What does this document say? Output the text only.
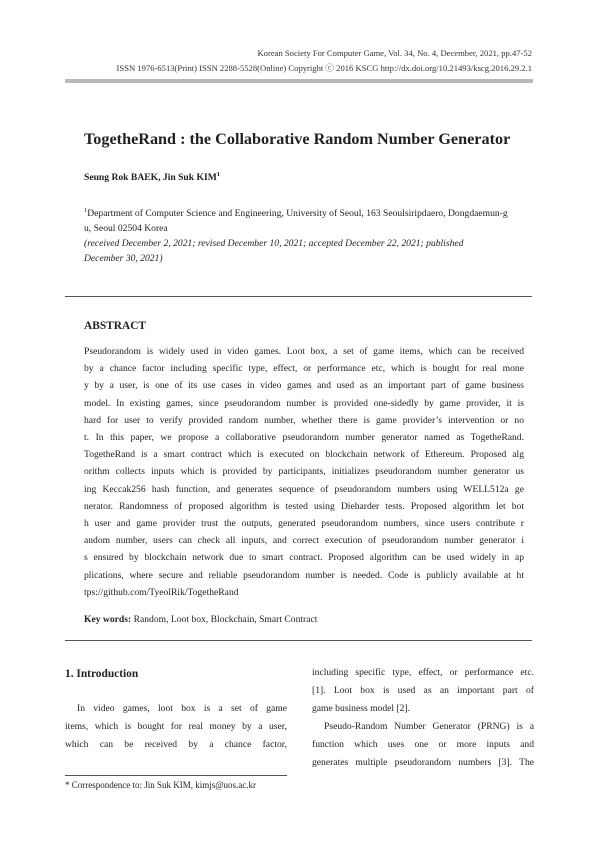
Korean Society For Computer Game, Vol. 34, No. 4, December, 2021, pp.47-52
ISSN 1976-6513(Print) ISSN 2288-5528(Online) Copyright ⓒ 2016 KSCG http://dx.doi.org/10.21493/kscg.2016.29.2.1
TogetheRand : the Collaborative Random Number Generator
Seung Rok BAEK, Jin Suk KIM$^1$
$^1$Department of Computer Science and Engineering, University of Seoul, 163 Seoulsiripdaero, Dongdaemun-g
u, Seoul 02504 Korea
(received December 2, 2021; revised December 10, 2021; accepted December 22, 2021; published
December 30, 2021)
ABSTRACT
Pseudorandom is widely used in video games. Loot box, a set of game items, which can be received
by a chance factor including specific type, effect, or performance etc, which is bought for real mone
y by a user, is one of its use cases in video games and used as an important part of game business
model. In existing games, since pseudorandom number is provided one-sidedly by game provider, it is
hard for user to verify provided random number, whether there is game provider’s intervention or no
t. In this paper, we propose a collaborative pseudorandom number generator named as TogetheRand.
TogetheRand is a smart contract which is executed on blockchain network of Ethereum. Proposed alg
orithm collects inputs which is provided by participants, initializes pseudorandom number generator us
ing Keccak256 hash function, and generates sequence of pseudorandom numbers using WELL512a ge
nerator. Randomness of proposed algorithm is tested using Dieharder tests. Proposed algorithm let bot
h user and game provider trust the outputs, generated pseudorandom numbers, since users contribute r
andom number, users can check all inputs, and correct execution of pseudorandom number generator i
s ensured by blockchain network due to smart contract. Proposed algorithm can be used widely in ap
plications, where secure and reliable pseudorandom number is needed. Code is publicly available at ht
tps://github.com/TyeolRik/TogetheRand
Key words: Random, Loot box, Blockchain, Smart Contract
1. Introduction
In video games, loot box is a set of game
items, which is bought for real money by a user,
which can be received by a chance factor,
including specific type, effect, or performance etc.
[1]. Loot box is used as an important part of
game business model [2].
Pseudo-Random Number Generator (PRNG) is a
function which uses one or more inputs and
generates multiple pseudorandom numbers [3]. The
* Correspondence to: Jin Suk KIM, kimjs@uos.ac.kr
